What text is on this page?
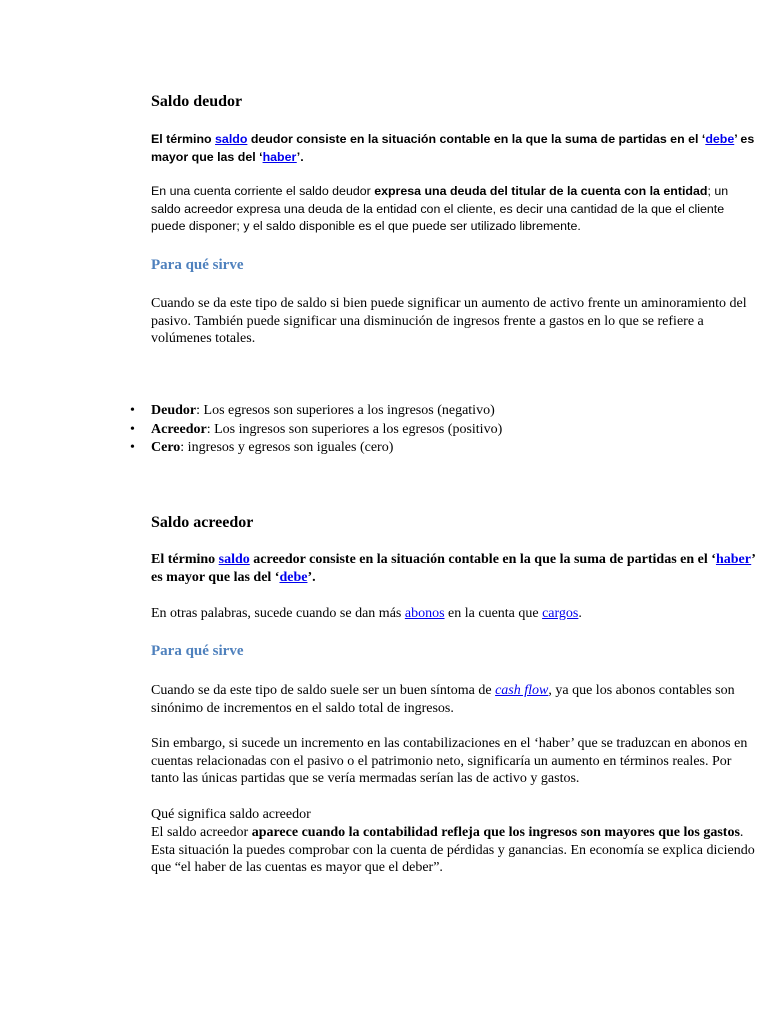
Saldo deudor

El término saldo deudor consiste en la situación contable en la que la suma de partidas en el ‘debe’ es mayor que las del ‘haber’.

En una cuenta corriente el saldo deudor expresa una deuda del titular de la cuenta con la entidad; un saldo acreedor expresa una deuda de la entidad con el cliente, es decir una cantidad de la que el cliente puede disponer; y el saldo disponible es el que puede ser utilizado libremente.

Para qué sirve

Cuando se da este tipo de saldo si bien puede significar un aumento de activo frente un aminoramiento del pasivo. También puede significar una disminución de ingresos frente a gastos en lo que se refiere a volúmenes totales.

• Deudor: Los egresos son superiores a los ingresos (negativo)
• Acreedor: Los ingresos son superiores a los egresos (positivo)
• Cero: ingresos y egresos son iguales (cero)
Saldo acreedor

El término saldo acreedor consiste en la situación contable en la que la suma de partidas en el ‘haber’ es mayor que las del ‘debe’.

En otras palabras, sucede cuando se dan más abonos en la cuenta que cargos.

Para qué sirve

Cuando se da este tipo de saldo suele ser un buen síntoma de cash flow, ya que los abonos contables son sinónimo de incrementos en el saldo total de ingresos.

Sin embargo, si sucede un incremento en las contabilizaciones en el ‘haber’ que se traduzcan en abonos en cuentas relacionadas con el pasivo o el patrimonio neto, significaría un aumento en términos reales. Por tanto las únicas partidas que se vería mermadas serían las de activo y gastos.

Qué significa saldo acreedor

El saldo acreedor aparece cuando la contabilidad refleja que los ingresos son mayores que los gastos. Esta situación la puedes comprobar con la cuenta de pérdidas y ganancias. En economía se explica diciendo que “el haber de las cuentas es mayor que el deber”.
